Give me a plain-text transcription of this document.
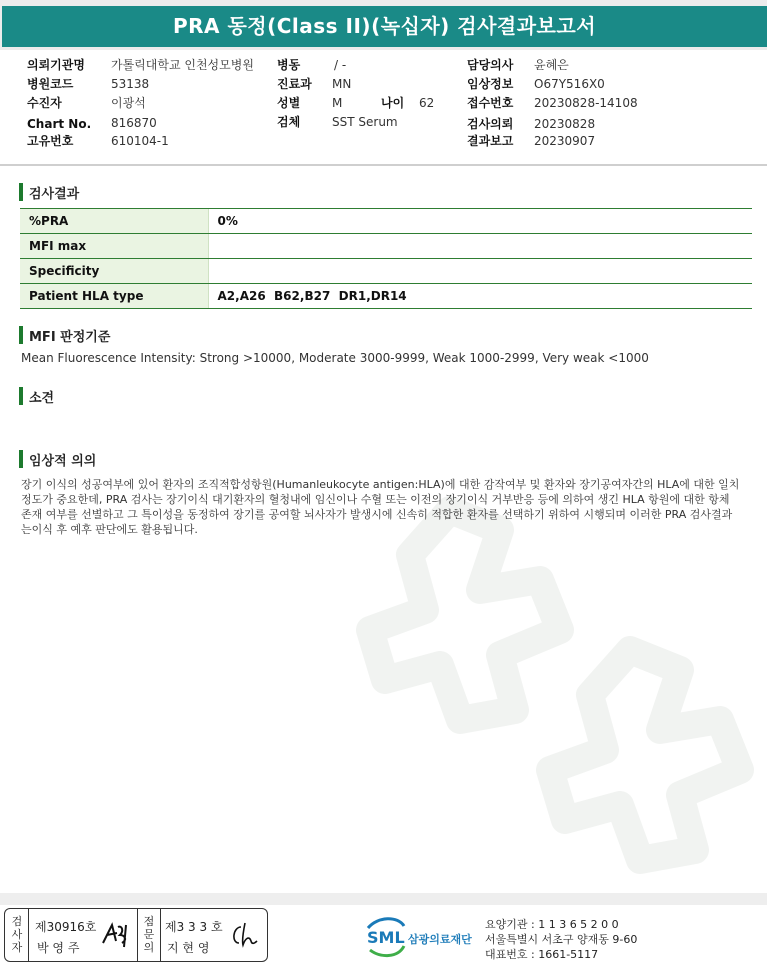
PRA 동정(Class II)(녹십자) 검사결과보고서
의뢰기관명 가톨릭대학교 인천성모병원
병원코드	53138
수진자	이광석
Chart No. 816870
고유번호	610104-1
병동	/ -
진료과 MN
성별	M	나이 62
검체	SST Serum
담당의사 윤혜은
임상정보 O67Y516X0
접수번호 20230828-14108
검사의뢰 20230828
결과보고 20230907
검사결과
%PRA	0%
MFI max	
Specificity	
Patient HLA type	A2,A26  B62,B27  DR1,DR14
MFI 판정기준
Mean Fluorescence Intensity: Strong >10000, Moderate 3000-9999, Weak 1000-2999, Very weak <1000
소견
임상적 의의
장기 이식의 성공여부에 있어 환자의 조직적합성항원(Humanleukocyte antigen:HLA)에 대한 감작여부 및 환자와 장기공여자간의 HLA에 대한 일치정도가 중요한데, PRA 검사는 장기이식 대기환자의 혈청내에 임신이나 수혈 또는 이전의 장기이식 거부반응 등에 의하여 생긴 HLA 항원에 대한 항체 존재 여부를 선별하고 그 특이성을 동정하여 장기를 공여할 뇌사자가 발생시에 신속히 적합한 환자를 선택하기 위하여 시행되며 이러한 PRA 검사결과는이식 후 예후 판단에도 활용됩니다.
검
사
자
제30916호
박 영 주
점
문
의
제3 3 3 호
지 현 영
SML 삼광의료재단
요양기관 : 1 1 3 6 5 2 0 0
서울특별시 서초구 양재동 9-60
대표번호 : 1661-5117
